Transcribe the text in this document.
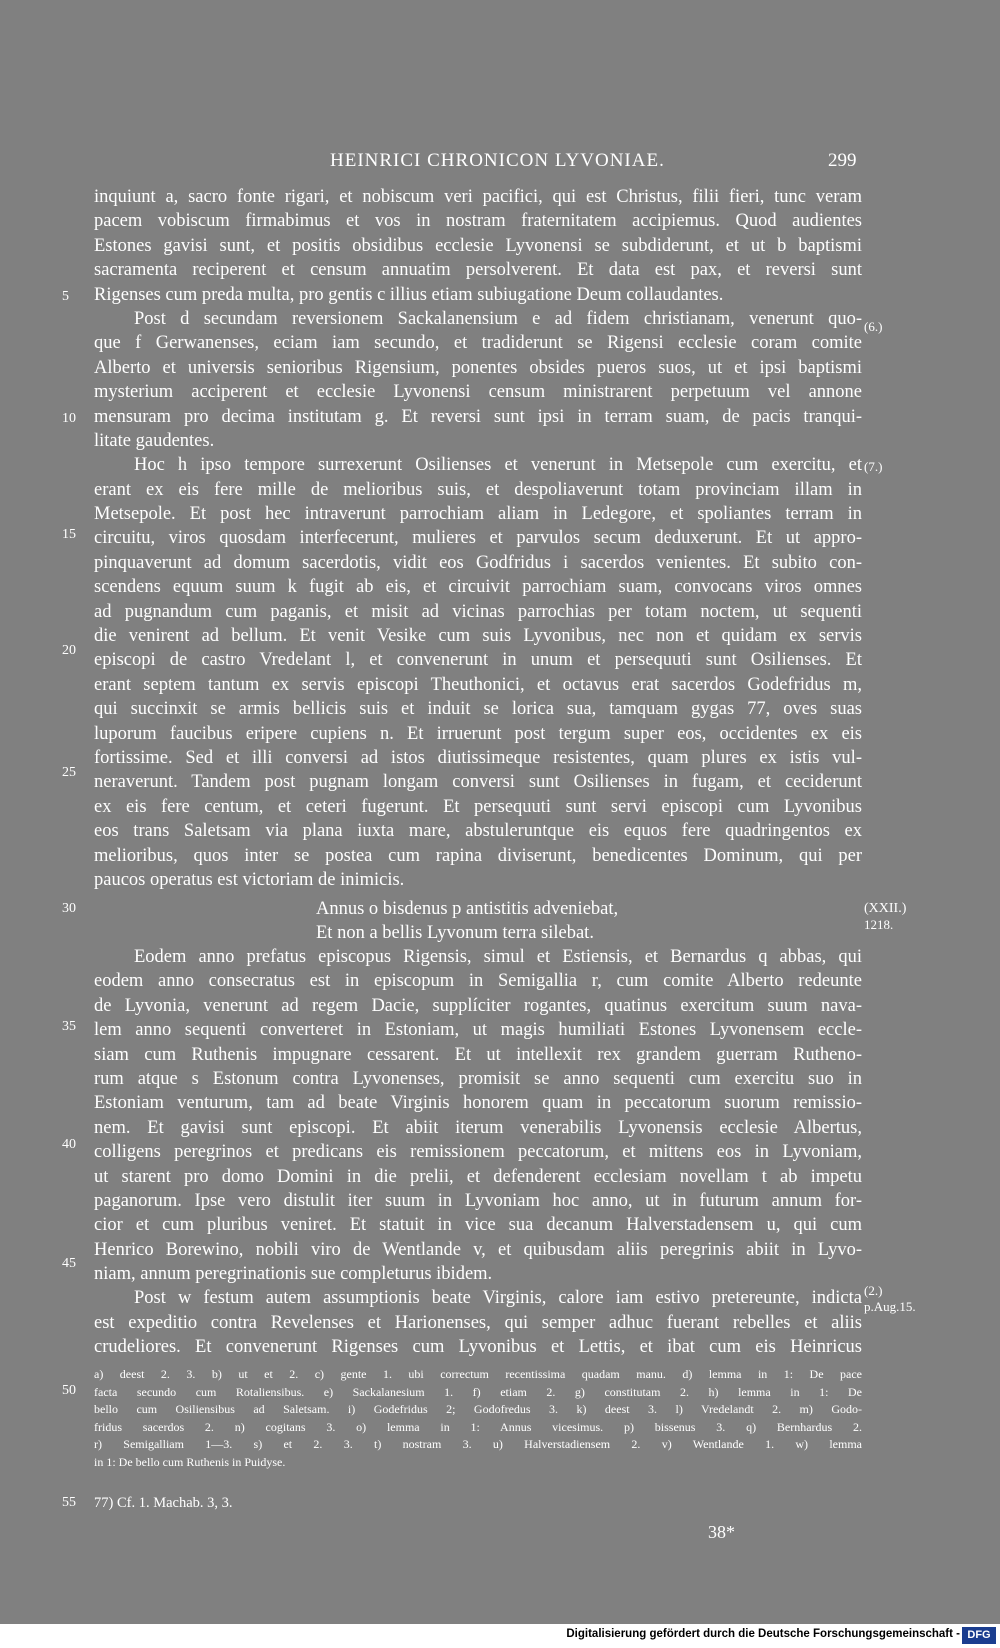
HEINRICI CHRONICON LYVONIAE.	299
inquiunt a, sacro fonte rigari, et nobiscum veri pacifici, qui est Christus, filii fieri, tunc veram
pacem vobiscum firmabimus et vos in nostram fraternitatem accipiemus. Quod audientes
Estones gavisi sunt, et positis obsidibus ecclesie Lyvonensi se subdiderunt, et ut b baptismi
sacramenta reciperent et censum annuatim persolverent. Et data est pax, et reversi sunt
Rigenses cum preda multa, pro gentis c illius etiam subiugatione Deum collaudantes.
Post d secundam reversionem Sackalanensium e ad fidem christianam, venerunt quo-
que f Gerwanenses, eciam iam secundo, et tradiderunt se Rigensi ecclesie coram comite
Alberto et universis senioribus Rigensium, ponentes obsides pueros suos, ut et ipsi baptismi
mysterium acciperent et ecclesie Lyvonensi censum ministrarent perpetuum vel annone
mensuram pro decima institutam g. Et reversi sunt ipsi in terram suam, de pacis tranqui-
litate gaudentes.
Hoc h ipso tempore surrexerunt Osilienses et venerunt in Metsepole cum exercitu, et
erant ex eis fere mille de melioribus suis, et despoliaverunt totam provinciam illam in
Metsepole. Et post hec intraverunt parrochiam aliam in Ledegore, et spoliantes terram in
circuitu, viros quosdam interfecerunt, mulieres et parvulos secum deduxerunt. Et ut appro-
pinquaverunt ad domum sacerdotis, vidit eos Godfridus i sacerdos venientes. Et subito con-
scendens equum suum k fugit ab eis, et circuivit parrochiam suam, convocans viros omnes
ad pugnandum cum paganis, et misit ad vicinas parrochias per totam noctem, ut sequenti
die venirent ad bellum. Et venit Vesike cum suis Lyvonibus, nec non et quidam ex servis
episcopi de castro Vredelant l, et convenerunt in unum et persequuti sunt Osilienses. Et
erant septem tantum ex servis episcopi Theuthonici, et octavus erat sacerdos Godefridus m,
qui succinxit se armis bellicis suis et induit se lorica sua, tamquam gygas 77, oves suas
luporum faucibus eripere cupiens n. Et irruerunt post tergum super eos, occidentes ex eis
fortissime. Sed et illi conversi ad istos diutissimeque resistentes, quam plures ex istis vul-
neraverunt. Tandem post pugnam longam conversi sunt Osilienses in fugam, et ceciderunt
ex eis fere centum, et ceteri fugerunt. Et persequuti sunt servi episcopi cum Lyvonibus
eos trans Saletsam via plana iuxta mare, abstuleruntque eis equos fere quadringentos ex
melioribus, quos inter se postea cum rapina diviserunt, benedicentes Dominum, qui per
paucos operatus est victoriam de inimicis.
Annus o bisdenus p antistitis adveniebat,
Et non a bellis Lyvonum terra silebat.
Eodem anno prefatus episcopus Rigensis, simul et Estiensis, et Bernardus q abbas, qui
eodem anno consecratus est in episcopum in Semigallia r, cum comite Alberto redeunte
de Lyvonia, venerunt ad regem Dacie, supplíciter rogantes, quatinus exercitum suum nava-
lem anno sequenti converteret in Estoniam, ut magis humiliati Estones Lyvonensem eccle-
siam cum Ruthenis impugnare cessarent. Et ut intellexit rex grandem guerram Rutheno-
rum atque s Estonum contra Lyvonenses, promisit se anno sequenti cum exercitu suo in
Estoniam venturum, tam ad beate Virginis honorem quam in peccatorum suorum remissio-
nem. Et gavisi sunt episcopi. Et abiit iterum venerabilis Lyvonensis ecclesie Albertus,
colligens peregrinos et predicans eis remissionem peccatorum, et mittens eos in Lyvoniam,
ut starent pro domo Domini in die prelii, et defenderent ecclesiam novellam t ab impetu
paganorum. Ipse vero distulit iter suum in Lyvoniam hoc anno, ut in futurum annum for-
cior et cum pluribus veniret. Et statuit in vice sua decanum Halverstadensem u, qui cum
Henrico Borewino, nobili viro de Wentlande v, et quibusdam aliis peregrinis abiit in Lyvo-
niam, annum peregrinationis sue completurus ibidem.
Post w festum autem assumptionis beate Virginis, calore iam estivo pretereunte, indicta
est expeditio contra Revelenses et Harionenses, qui semper adhuc fuerant rebelles et aliis
crudeliores. Et convenerunt Rigenses cum Lyvonibus et Lettis, et ibat cum eis Heinricus
5
10
15
20
25
30
35
40
45
50
55
(6.)
(7.)
(XXII.)
1218.
(2.)
p.Aug.15.
a) deest 2. 3. b) ut et 2. c) gente 1. ubi correctum recentissima quadam manu. d) lemma in 1: De pace
facta secundo cum Rotaliensibus. e) Sackalanesium 1. f) etiam 2. g) constitutam 2. h) lemma in 1: De
bello cum Osiliensibus ad Saletsam. i) Godefridus 2; Godofredus 3. k) deest 3. l) Vredelandt 2. m) Godo-
fridus sacerdos 2. n) cogitans 3. o) lemma in 1: Annus vicesimus. p) bissenus 3. q) Bernhardus 2.
r) Semigalliam 1—3. s) et 2. 3. t) nostram 3. u) Halverstadiensem 2. v) Wentlande 1. w) lemma
in 1: De bello cum Ruthenis in Puidyse.
77) Cf. 1. Machab. 3, 3.
38*
Digitalisierung gefördert durch die Deutsche Forschungsgemeinschaft - DFG
